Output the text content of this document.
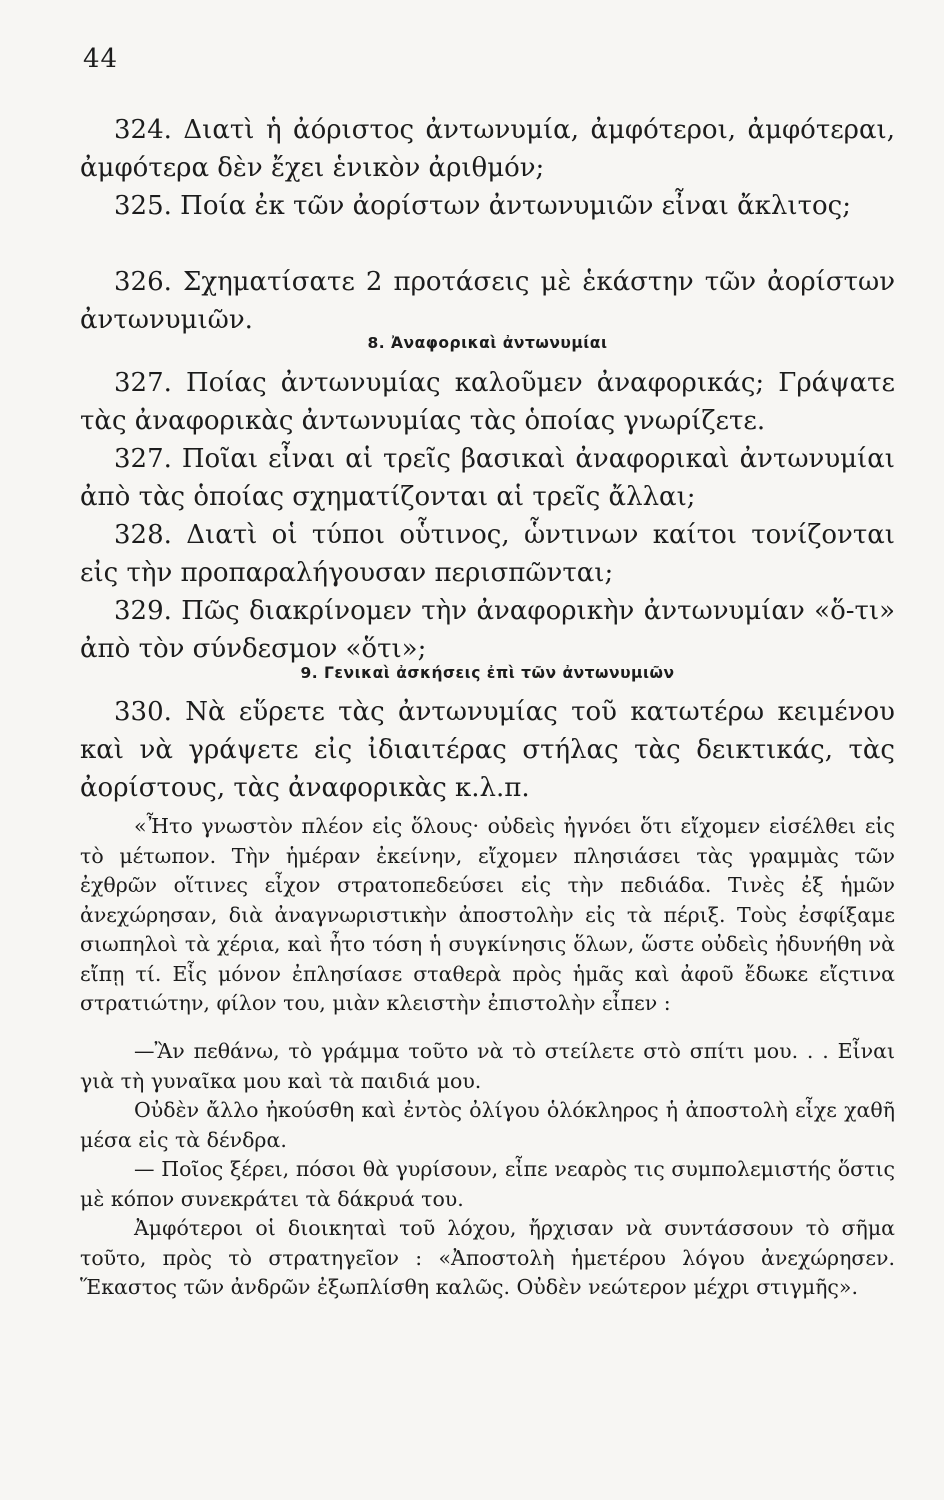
44

324. Διατὶ ἡ ἀόριστος ἀντωνυμία, ἀμφότεροι, ἀμφότεραι, ἀμφότερα δὲν ἔχει ἑνικὸν ἀριθμόν;

325. Ποία ἐκ τῶν ἀορίστων ἀντωνυμιῶν εἶναι ἄκλιτος;

326. Σχηματίσατε 2 προτάσεις μὲ ἑκάστην τῶν ἀορίστων ἀντωνυμιῶν.

8. Ἀναφορικαὶ ἀντωνυμίαι

327. Ποίας ἀντωνυμίας καλοῦμεν ἀναφορικάς; Γράψατε τὰς ἀναφορικὰς ἀντωνυμίας τὰς ὁποίας γνωρίζετε.

327. Ποῖαι εἶναι αἱ τρεῖς βασικαὶ ἀναφορικαὶ ἀντωνυμίαι ἀπὸ τὰς ὁποίας σχηματίζονται αἱ τρεῖς ἄλλαι;

328. Διατὶ οἱ τύποι οὗτινος, ὧντινων καίτοι τονίζονται εἰς τὴν προπαραλήγουσαν περισπῶνται;

329. Πῶς διακρίνομεν τὴν ἀναφορικὴν ἀντωνυμίαν «ὅ-τι» ἀπὸ τὸν σύνδεσμον «ὅτι»;

9. Γενικαὶ ἀσκήσεις ἐπὶ τῶν ἀντωνυμιῶν

330. Νὰ εὕρετε τὰς ἀντωνυμίας τοῦ κατωτέρω κειμένου καὶ νὰ γράψετε εἰς ἰδιαιτέρας στήλας τὰς δεικτικάς, τὰς ἀορίστους, τὰς ἀναφορικὰς κ.λ.π.

«Ἦτο γνωστὸν πλέον εἰς ὅλους· οὐδεὶς ἠγνόει ὅτι εἴχομεν εἰσέλθει εἰς τὸ μέτωπον. Τὴν ἡμέραν ἐκείνην, εἴχομεν πλησιάσει τὰς γραμμὰς τῶν ἐχθρῶν οἵτινες εἶχον στρατοπεδεύσει εἰς τὴν πεδιάδα. Τινὲς ἐξ ἡμῶν ἀνεχώρησαν, διὰ ἀναγνωριστικὴν ἀποστολὴν εἰς τὰ πέριξ. Τοὺς ἐσφίξαμε σιωπηλοὶ τὰ χέρια, καὶ ἦτο τόση ἡ συγκίνησις ὅλων, ὥστε οὐδεὶς ἠδυνήθη νὰ εἴπῃ τί. Εἷς μόνον ἐπλησίασε σταθερὰ πρὸς ἡμᾶς καὶ ἀφοῦ ἔδωκε εἴςτινα στρατιώτην, φίλον του, μιὰν κλειστὴν ἐπιστολὴν εἶπεν :

—Ἂν πεθάνω, τὸ γράμμα τοῦτο νὰ τὸ στείλετε στὸ σπίτι μου. . . Εἶναι γιὰ τὴ γυναῖκα μου καὶ τὰ παιδιά μου.

Οὐδὲν ἄλλο ἠκούσθη καὶ ἐντὸς ὀλίγου ὁλόκληρος ἡ ἀποστολὴ εἶχε χαθῆ μέσα εἰς τὰ δένδρα.

— Ποῖος ξέρει, πόσοι θὰ γυρίσουν, εἶπε νεαρὸς τις συμπολεμιστής ὅστις μὲ κόπον συνεκράτει τὰ δάκρυά του.

Ἀμφότεροι οἱ διοικηταὶ τοῦ λόχου, ἤρχισαν νὰ συντάσσουν τὸ σῆμα τοῦτο, πρὸς τὸ στρατηγεῖον : «Ἀποστολὴ ἡμετέρου λόγου ἀνεχώρησεν. Ἕκαστος τῶν ἀνδρῶν ἐξωπλίσθη καλῶς. Οὐδὲν νεώτερον μέχρι στιγμῆς».
